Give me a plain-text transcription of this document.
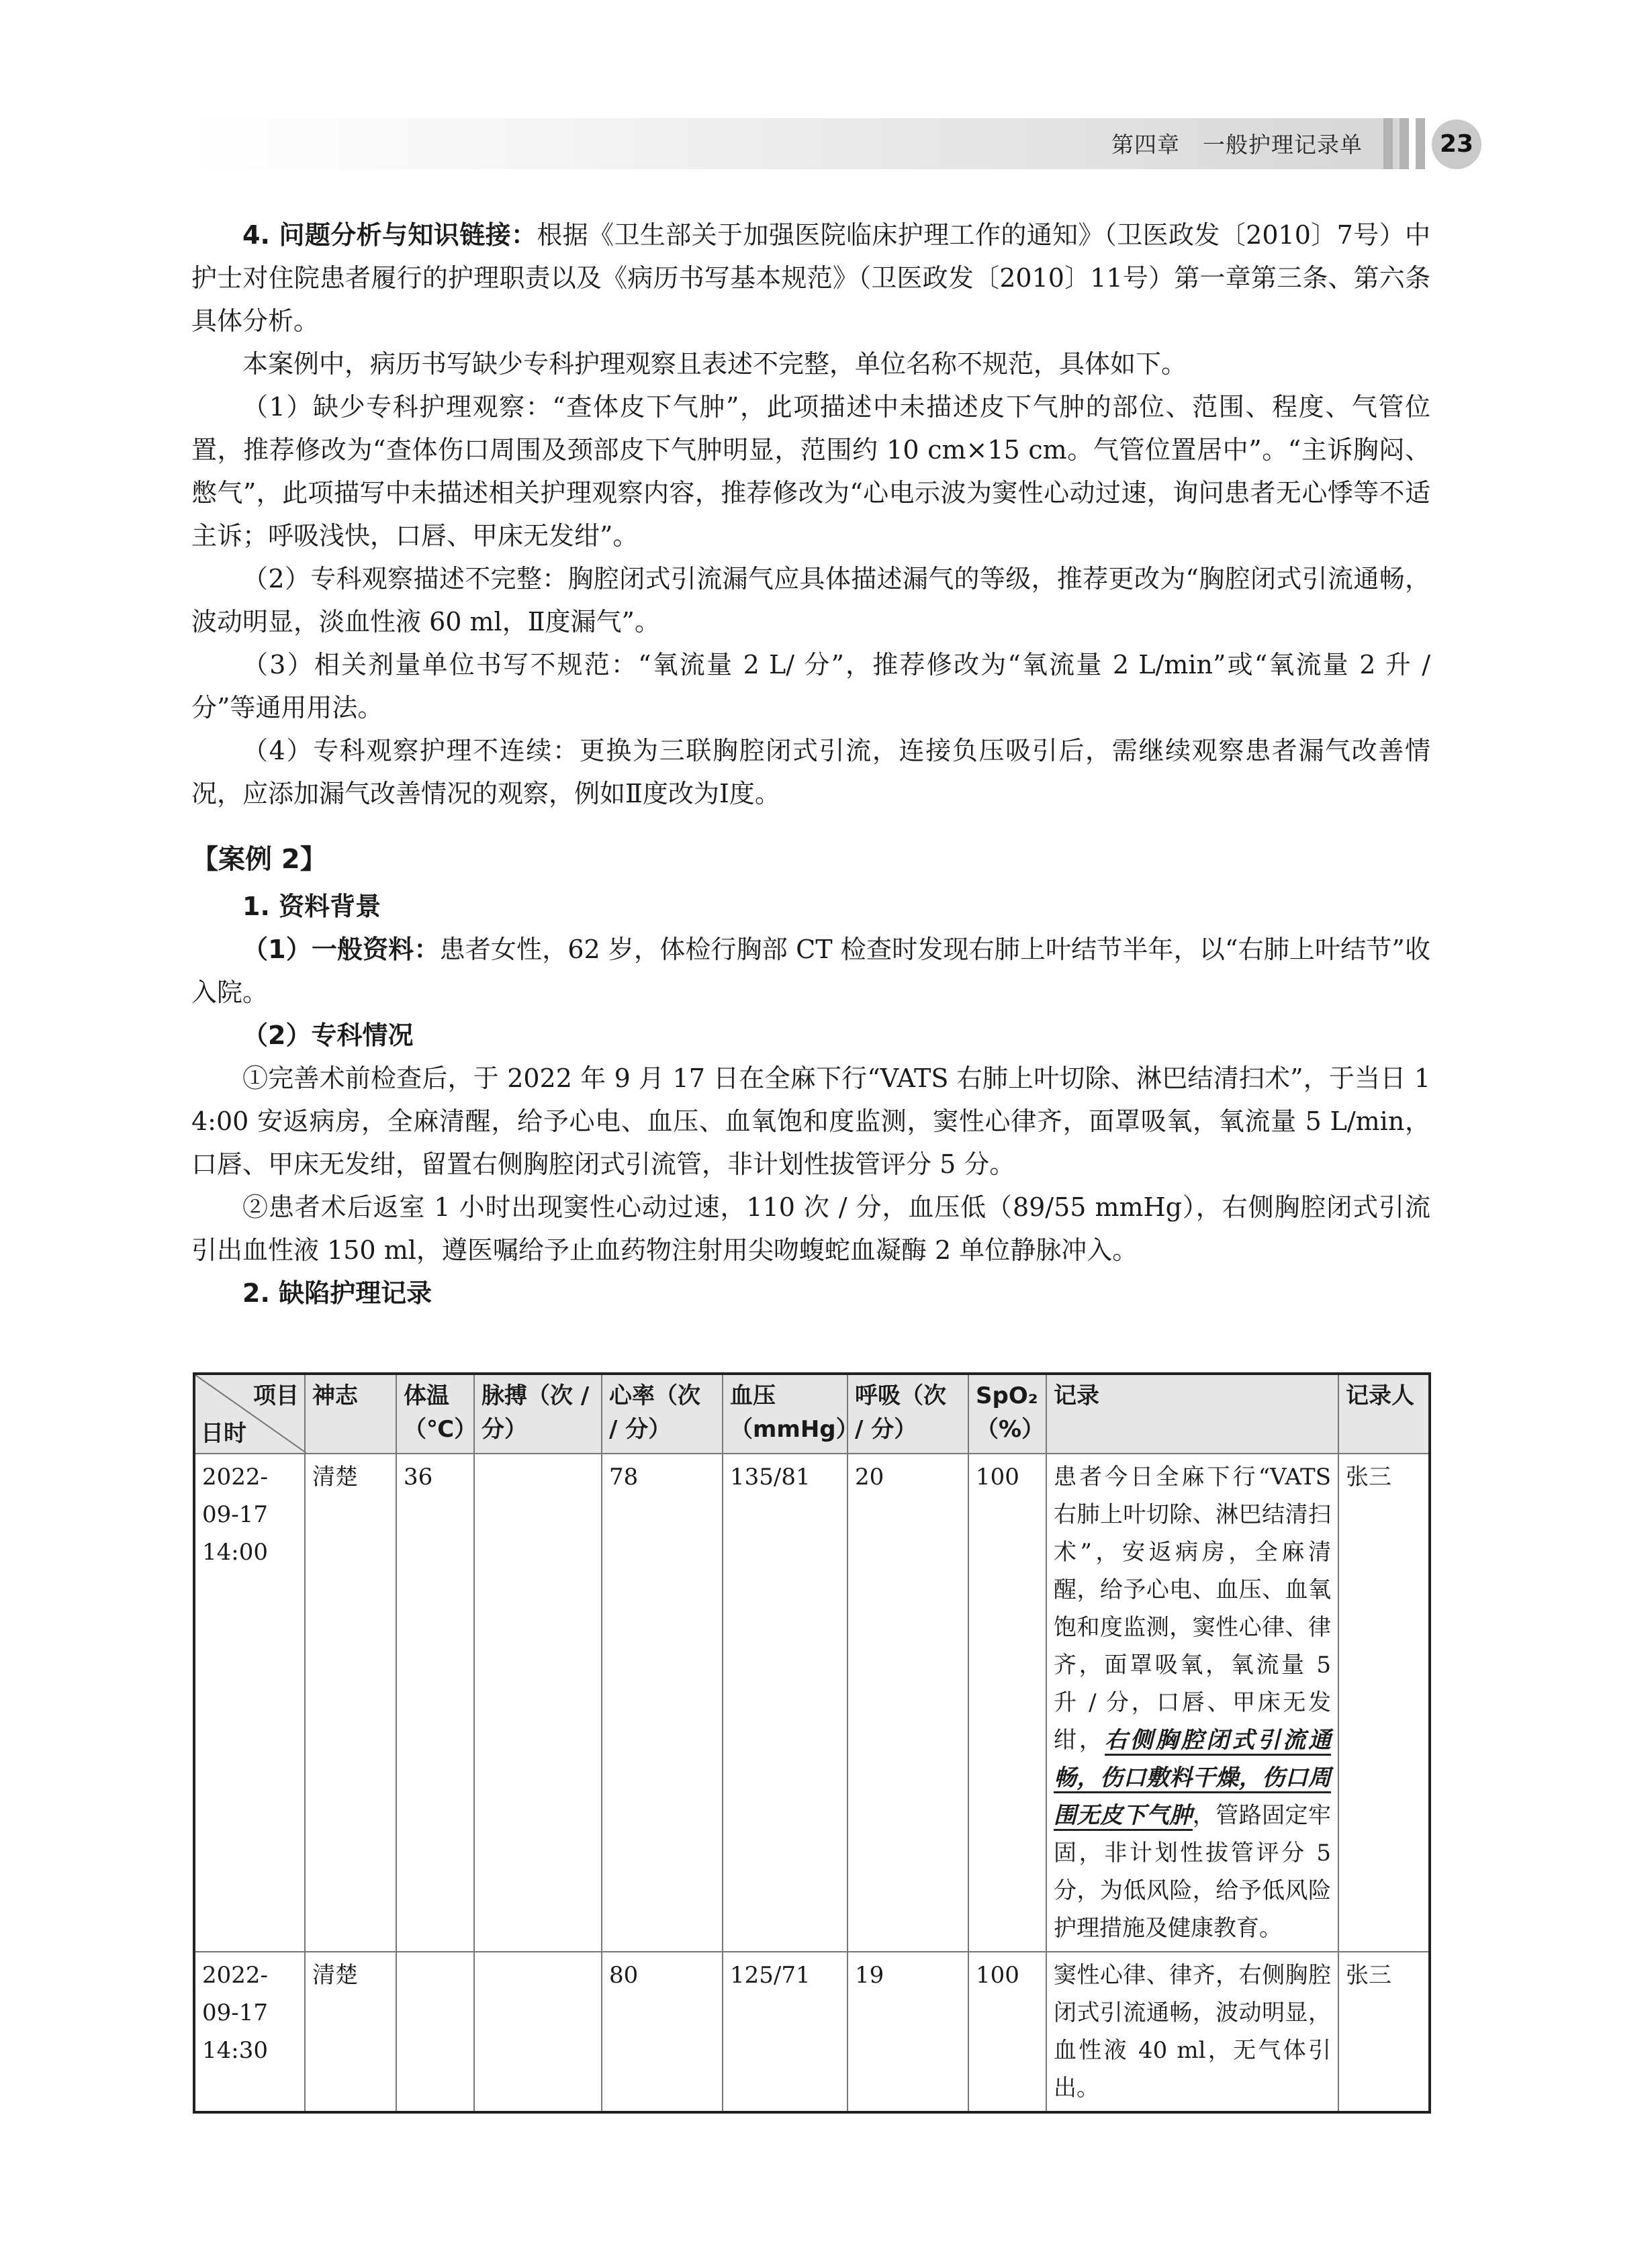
第四章　一般护理记录单	23

4. 问题分析与知识链接：根据《卫生部关于加强医院临床护理工作的通知》（卫医政发〔2010〕7号）中护士对住院患者履行的护理职责以及《病历书写基本规范》（卫医政发〔2010〕11号）第一章第三条、第六条具体分析。

本案例中，病历书写缺少专科护理观察且表述不完整，单位名称不规范，具体如下。

（1）缺少专科护理观察：“查体皮下气肿”，此项描述中未描述皮下气肿的部位、范围、程度、气管位置，推荐修改为“查体伤口周围及颈部皮下气肿明显，范围约 10 cm×15 cm。气管位置居中”。“主诉胸闷、憋气”，此项描写中未描述相关护理观察内容，推荐修改为“心电示波为窦性心动过速，询问患者无心悸等不适主诉；呼吸浅快，口唇、甲床无发绀”。

（2）专科观察描述不完整：胸腔闭式引流漏气应具体描述漏气的等级，推荐更改为“胸腔闭式引流通畅，波动明显，淡血性液 60 ml，Ⅱ度漏气”。

（3）相关剂量单位书写不规范：“氧流量 2 L/ 分”，推荐修改为“氧流量 2 L/min”或“氧流量 2 升 / 分”等通用用法。

（4）专科观察护理不连续：更换为三联胸腔闭式引流，连接负压吸引后，需继续观察患者漏气改善情况，应添加漏气改善情况的观察，例如Ⅱ度改为Ⅰ度。

【案例 2】

1. 资料背景

（1）一般资料：患者女性，62 岁，体检行胸部 CT 检查时发现右肺上叶结节半年，以“右肺上叶结节”收入院。

（2）专科情况

①完善术前检查后，于 2022 年 9 月 17 日在全麻下行“VATS 右肺上叶切除、淋巴结清扫术”，于当日 14:00 安返病房，全麻清醒，给予心电、血压、血氧饱和度监测，窦性心律齐，面罩吸氧，氧流量 5 L/min，口唇、甲床无发绀，留置右侧胸腔闭式引流管，非计划性拔管评分 5 分。

②患者术后返室 1 小时出现窦性心动过速，110 次 / 分，血压低（89/55 mmHg），右侧胸腔闭式引流引出血性液 150 ml，遵医嘱给予止血药物注射用尖吻蝮蛇血凝酶 2 单位静脉冲入。

2. 缺陷护理记录

项目
日时	神志	体温（℃）	脉搏（次 / 分）	心率（次 / 分）	血压（mmHg）	呼吸（次 / 分）	SpO₂（%）	记录	记录人
2022-09-17 14:00	清楚	36		78	135/81	20	100	患者今日全麻下行“VATS 右肺上叶切除、淋巴结清扫术”，安返病房，全麻清醒，给予心电、血压、血氧饱和度监测，窦性心律、律齐，面罩吸氧，氧流量 5 升 / 分，口唇、甲床无发绀，右侧胸腔闭式引流通畅，伤口敷料干燥，伤口周围无皮下气肿，管路固定牢固，非计划性拔管评分 5 分，为低风险，给予低风险护理措施及健康教育。	张三
2022-09-17 14:30	清楚			80	125/71	19	100	窦性心律、律齐，右侧胸腔闭式引流通畅，波动明显，血性液 40 ml，无气体引出。	张三
